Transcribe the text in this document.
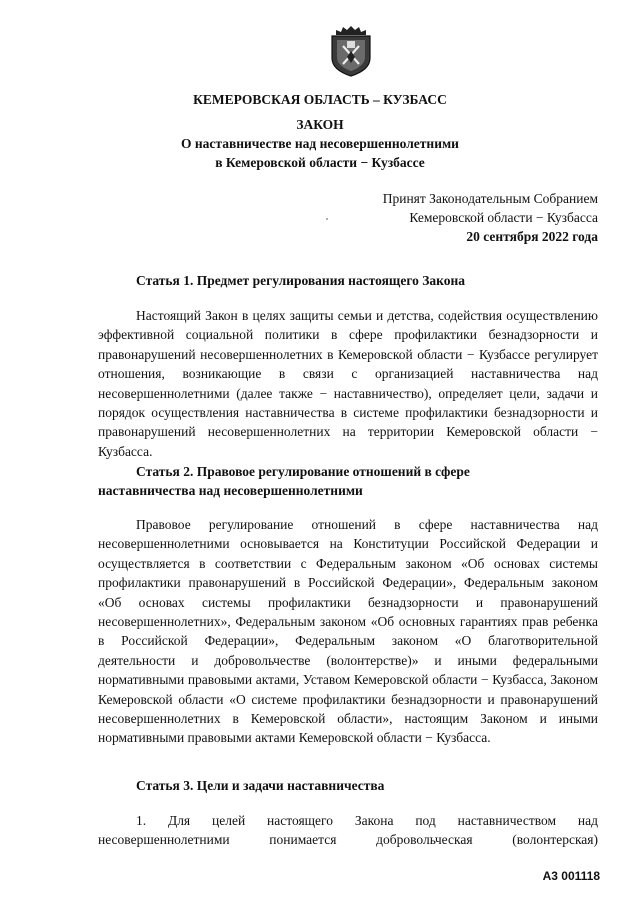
КЕМЕРОВСКАЯ ОБЛАСТЬ – КУЗБАСС
ЗАКОН
О наставничестве над несовершеннолетними
в Кемеровской области − Кузбассе
Принят Законодательным Собранием
Кемеровской области − Кузбасса
20 сентября 2022 года
Статья 1. Предмет регулирования настоящего Закона

Настоящий Закон в целях защиты семьи и детства, содействия осуществлению эффективной социальной политики в сфере профилактики безнадзорности и правонарушений несовершеннолетних в Кемеровской области − Кузбассе регулирует отношения, возникающие в связи с организацией наставничества над несовершеннолетними (далее также − наставничество), определяет цели, задачи и порядок осуществления наставничества в системе профилактики безнадзорности и правонарушений несовершеннолетних на территории Кемеровской области − Кузбасса.

Статья 2. Правовое регулирование отношений в сфере
наставничества над несовершеннолетними

Правовое регулирование отношений в сфере наставничества над несовершеннолетними основывается на Конституции Российской Федерации и осуществляется в соответствии с Федеральным законом «Об основах системы профилактики правонарушений в Российской Федерации», Федеральным законом «Об основах системы профилактики безнадзорности и правонарушений несовершеннолетних», Федеральным законом «Об основных гарантиях прав ребенка в Российской Федерации», Федеральным законом «О благотворительной деятельности и добровольчестве (волонтерстве)» и иными федеральными нормативными правовыми актами, Уставом Кемеровской области − Кузбасса, Законом Кемеровской области «О системе профилактики безнадзорности и правонарушений несовершеннолетних в Кемеровской области», настоящим Законом и иными нормативными правовыми актами Кемеровской области − Кузбасса.

Статья 3. Цели и задачи наставничества

1. Для целей настоящего Закона под наставничеством над несовершеннолетними понимается добровольческая (волонтерская)

А3 001118
